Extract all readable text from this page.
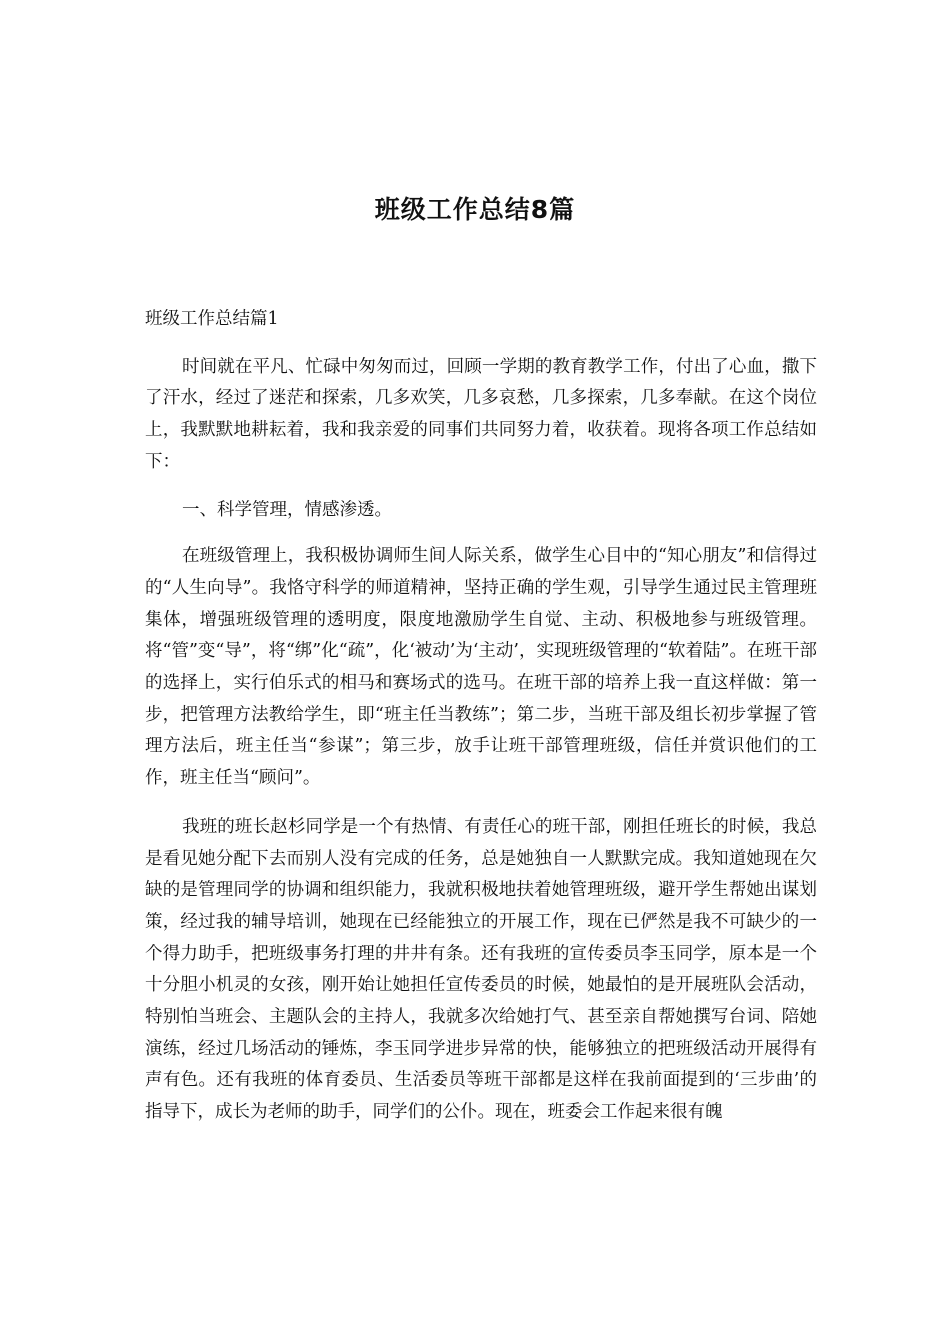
班级工作总结8篇

班级工作总结篇1

时间就在平凡、忙碌中匆匆而过，回顾一学期的教育教学工作，付出了心血，撒下了汗水，经过了迷茫和探索，几多欢笑，几多哀愁，几多探索，几多奉献。在这个岗位上，我默默地耕耘着，我和我亲爱的同事们共同努力着，收获着。现将各项工作总结如下：

一、科学管理，情感渗透。

在班级管理上，我积极协调师生间人际关系，做学生心目中的“知心朋友”和信得过的“人生向导”。我恪守科学的师道精神，坚持正确的学生观，引导学生通过民主管理班集体，增强班级管理的透明度，限度地激励学生自觉、主动、积极地参与班级管理。将“管”变“导”，将“绑”化“疏”，化‘被动’为‘主动’，实现班级管理的“软着陆”。在班干部的选择上，实行伯乐式的相马和赛场式的选马。在班干部的培养上我一直这样做：第一步，把管理方法教给学生，即“班主任当教练”；第二步，当班干部及组长初步掌握了管理方法后，班主任当“参谋”；第三步，放手让班干部管理班级，信任并赏识他们的工作，班主任当“顾问”。

我班的班长赵杉同学是一个有热情、有责任心的班干部，刚担任班长的时候，我总是看见她分配下去而别人没有完成的任务，总是她独自一人默默完成。我知道她现在欠缺的是管理同学的协调和组织能力，我就积极地扶着她管理班级，避开学生帮她出谋划策，经过我的辅导培训，她现在已经能独立的开展工作，现在已俨然是我不可缺少的一个得力助手，把班级事务打理的井井有条。还有我班的宣传委员李玉同学，原本是一个十分胆小机灵的女孩，刚开始让她担任宣传委员的时候，她最怕的是开展班队会活动，特别怕当班会、主题队会的主持人，我就多次给她打气、甚至亲自帮她撰写台词、陪她演练，经过几场活动的锤炼，李玉同学进步异常的快，能够独立的把班级活动开展得有声有色。还有我班的体育委员、生活委员等班干部都是这样在我前面提到的‘三步曲’的指导下，成长为老师的助手，同学们的公仆。现在，班委会工作起来很有魄
